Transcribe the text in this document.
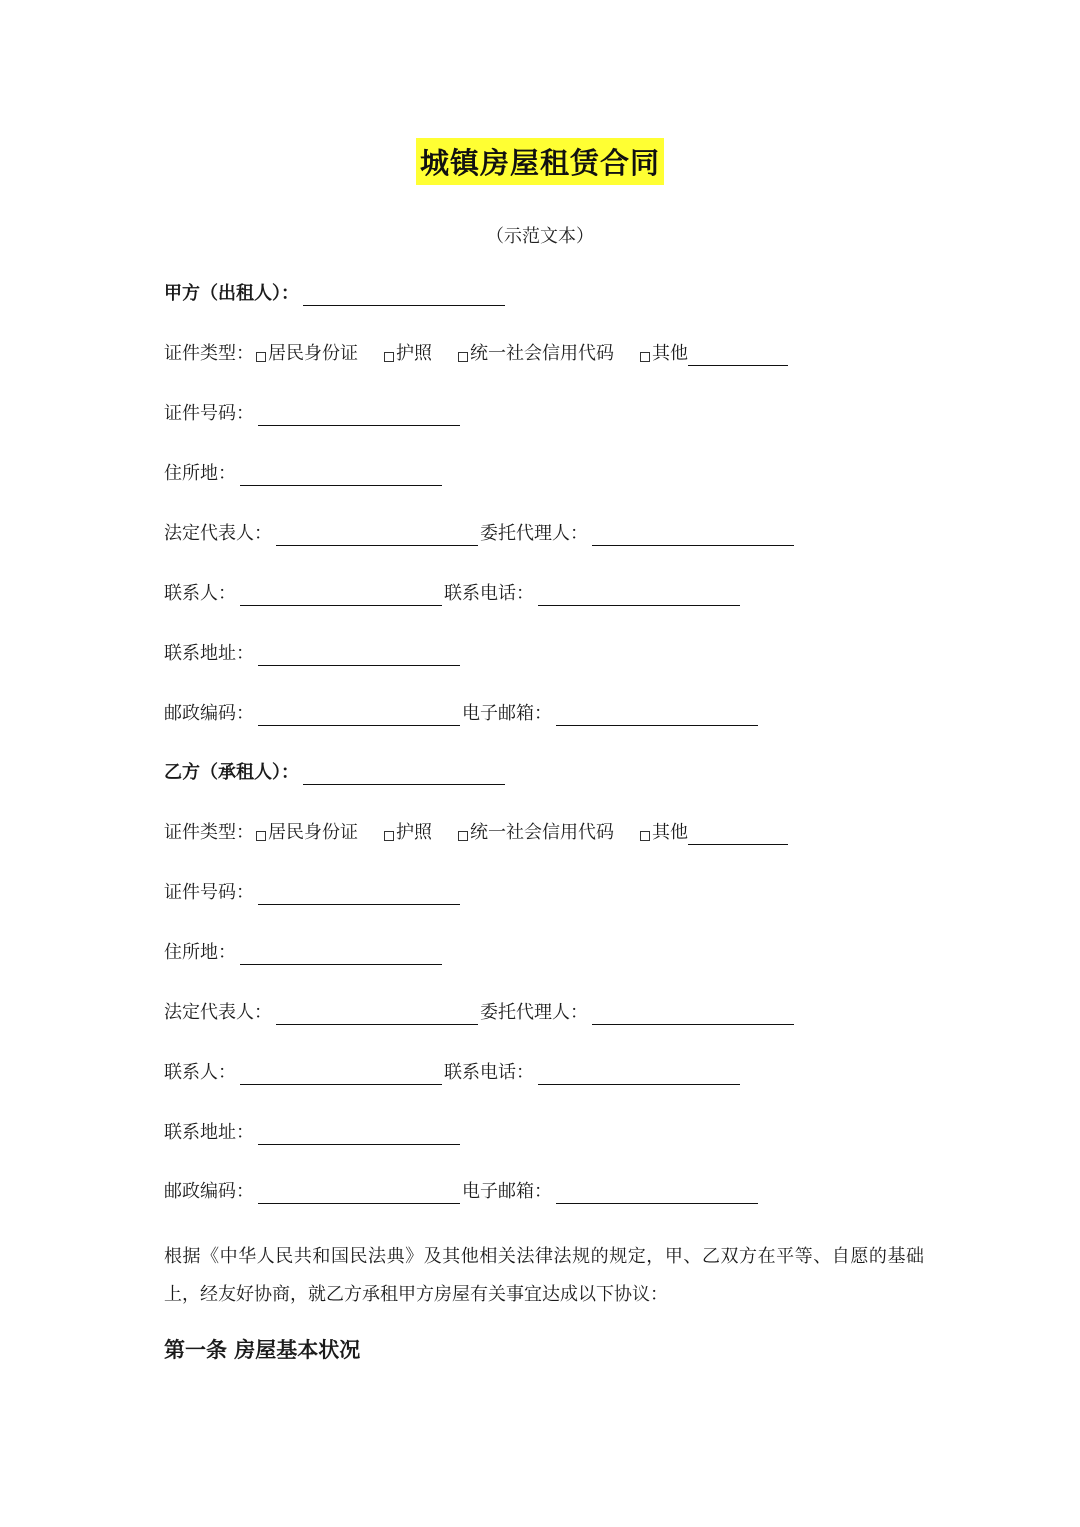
城镇房屋租赁合同
（示范文本）
甲方（出租人）：
证件类型： 居民身份证 护照 统一社会信用代码 其他
证件号码：
住所地：
法定代表人：	委托代理人：
联系人：	联系电话：
联系地址：
邮政编码：	电子邮箱：
乙方（承租人）：
证件类型： 居民身份证 护照 统一社会信用代码 其他
证件号码：
住所地：
法定代表人：	委托代理人：
联系人：	联系电话：
联系地址：
邮政编码：	电子邮箱：
根据《中华人民共和国民法典》及其他相关法律法规的规定，甲、乙双方在平等、自愿的基础上，经友好协商，就乙方承租甲方房屋有关事宜达成以下协议：
第一条 房屋基本状况
